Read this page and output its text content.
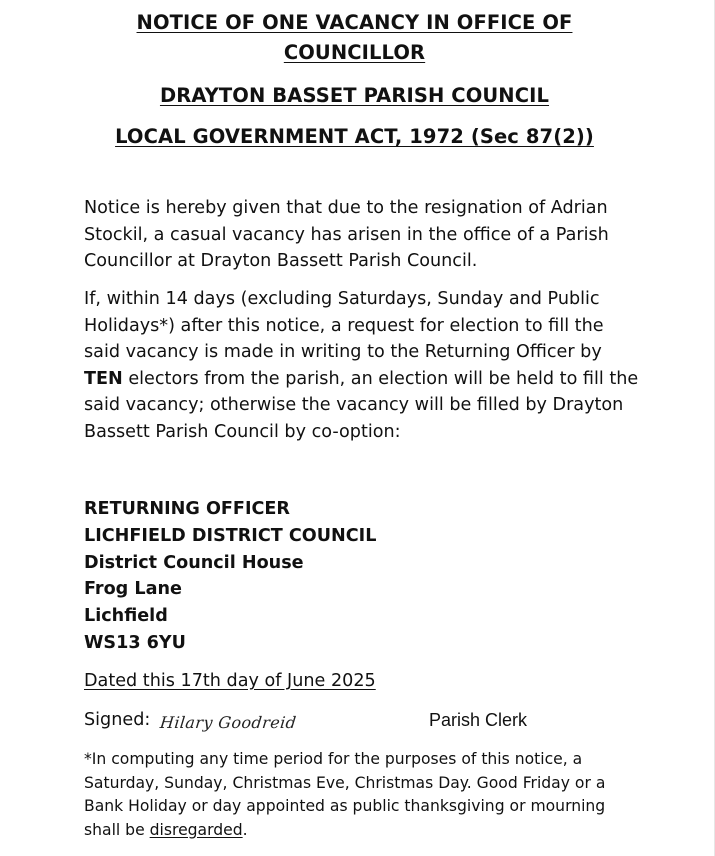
NOTICE OF ONE VACANCY IN OFFICE OF
COUNCILLOR
DRAYTON BASSET PARISH COUNCIL
LOCAL GOVERNMENT ACT, 1972 (Sec 87(2))

Notice is hereby given that due to the resignation of Adrian Stockil, a casual vacancy has arisen in the office of a Parish Councillor at Drayton Bassett Parish Council.

If, within 14 days (excluding Saturdays, Sunday and Public Holidays*) after this notice, a request for election to fill the said vacancy is made in writing to the Returning Officer by TEN electors from the parish, an election will be held to fill the said vacancy; otherwise the vacancy will be filled by Drayton Bassett Parish Council by co-option:

RETURNING OFFICER
LICHFIELD DISTRICT COUNCIL
District Council House
Frog Lane
Lichfield
WS13 6YU
Dated this 17th day of June 2025
Signed: Hilary Goodreid	Parish Clerk

*In computing any time period for the purposes of this notice, a Saturday, Sunday, Christmas Eve, Christmas Day. Good Friday or a Bank Holiday or day appointed as public thanksgiving or mourning shall be disregarded.
